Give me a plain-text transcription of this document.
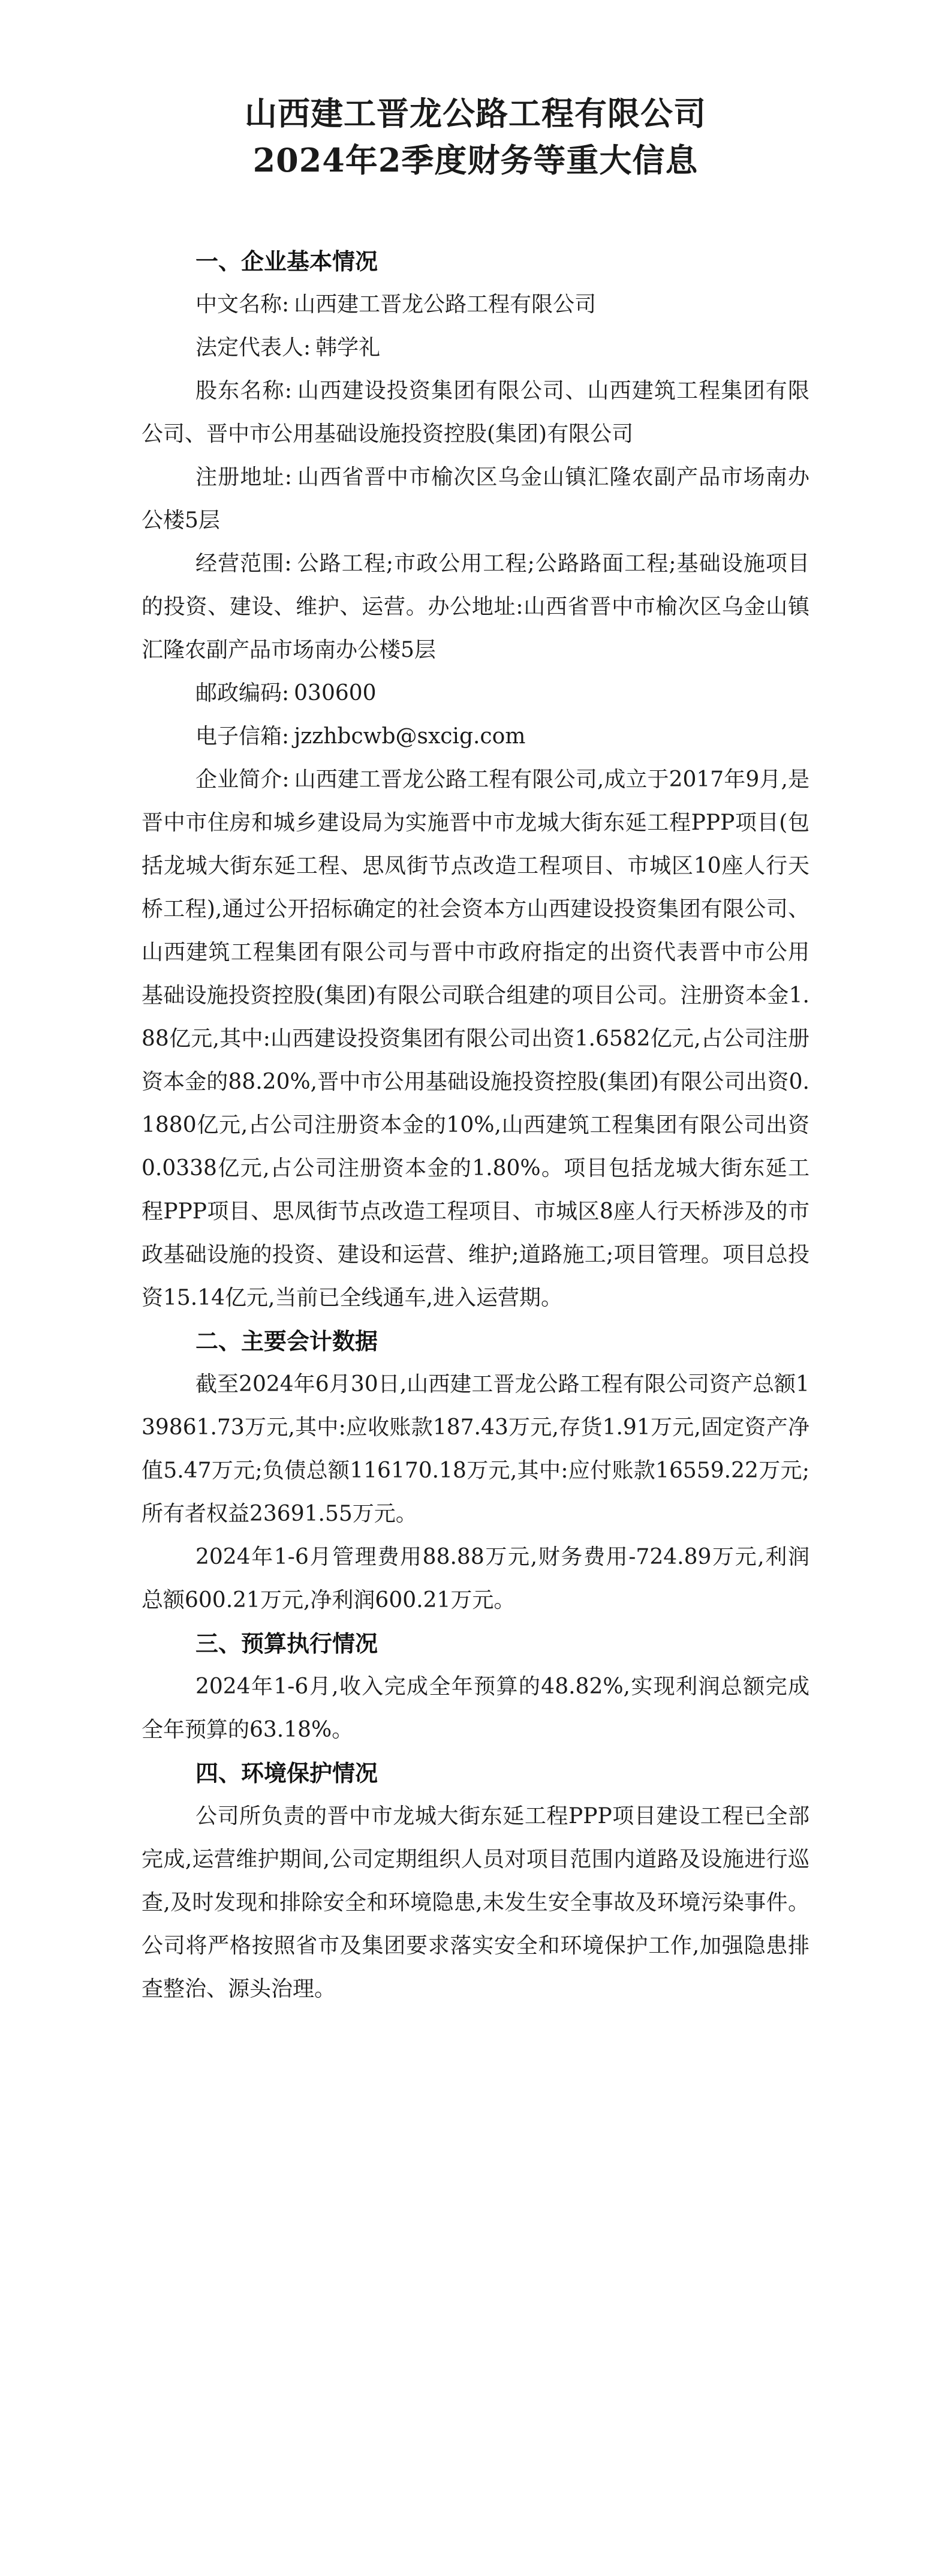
山西建工晋龙公路工程有限公司
2024年2季度财务等重大信息
一、企业基本情况

中文名称: 山西建工晋龙公路工程有限公司

法定代表人: 韩学礼

股东名称: 山西建设投资集团有限公司、山西建筑工程集团有限公司、晋中市公用基础设施投资控股(集团)有限公司

注册地址: 山西省晋中市榆次区乌金山镇汇隆农副产品市场南办公楼5层

经营范围: 公路工程;市政公用工程;公路路面工程;基础设施项目的投资、建设、维护、运营。办公地址:山西省晋中市榆次区乌金山镇汇隆农副产品市场南办公楼5层

邮政编码: 030600

电子信箱: jzzhbcwb@sxcig.com

企业简介: 山西建工晋龙公路工程有限公司,成立于2017年9月,是晋中市住房和城乡建设局为实施晋中市龙城大街东延工程PPP项目(包括龙城大街东延工程、思凤街节点改造工程项目、市城区10座人行天桥工程),通过公开招标确定的社会资本方山西建设投资集团有限公司、山西建筑工程集团有限公司与晋中市政府指定的出资代表晋中市公用基础设施投资控股(集团)有限公司联合组建的项目公司。注册资本金1.88亿元,其中:山西建设投资集团有限公司出资1.6582亿元,占公司注册资本金的88.20%,晋中市公用基础设施投资控股(集团)有限公司出资0.1880亿元,占公司注册资本金的10%,山西建筑工程集团有限公司出资0.0338亿元,占公司注册资本金的1.80%。项目包括龙城大街东延工程PPP项目、思凤街节点改造工程项目、市城区8座人行天桥涉及的市政基础设施的投资、建设和运营、维护;道路施工;项目管理。项目总投资15.14亿元,当前已全线通车,进入运营期。

二、主要会计数据

截至2024年6月30日,山西建工晋龙公路工程有限公司资产总额139861.73万元,其中:应收账款187.43万元,存货1.91万元,固定资产净值5.47万元;负债总额116170.18万元,其中:应付账款16559.22万元;所有者权益23691.55万元。

2024年1-6月管理费用88.88万元,财务费用-724.89万元,利润总额600.21万元,净利润600.21万元。

三、预算执行情况

2024年1-6月,收入完成全年预算的48.82%,实现利润总额完成全年预算的63.18%。

四、环境保护情况

公司所负责的晋中市龙城大街东延工程PPP项目建设工程已全部完成,运营维护期间,公司定期组织人员对项目范围内道路及设施进行巡查,及时发现和排除安全和环境隐患,未发生安全事故及环境污染事件。公司将严格按照省市及集团要求落实安全和环境保护工作,加强隐患排查整治、源头治理。
